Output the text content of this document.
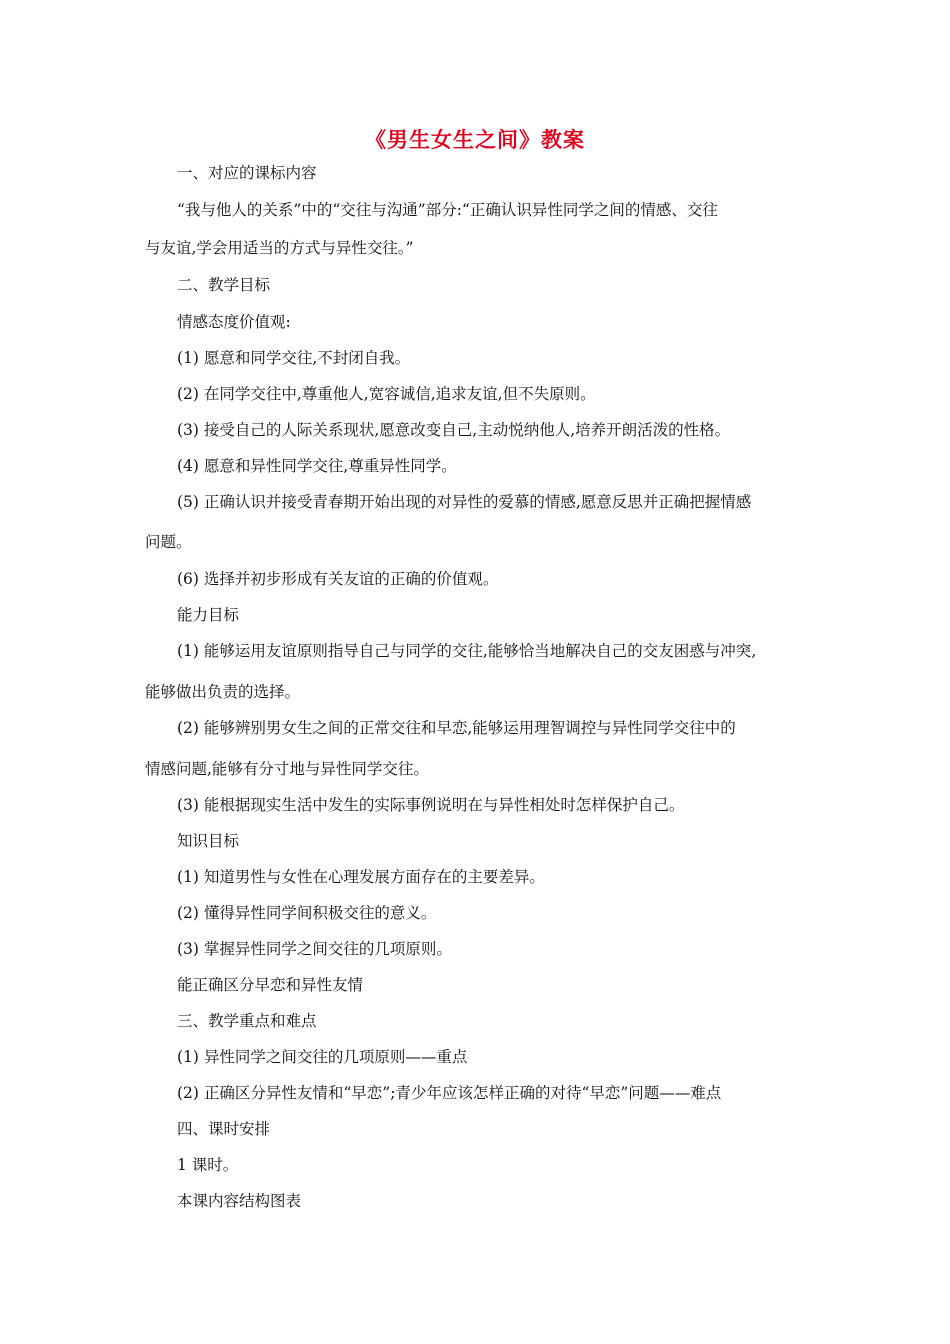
《男生女生之间》教案
一、对应的课标内容
“我与他人的关系”中的“交往与沟通”部分:“正确认识异性同学之间的情感、交往
与友谊,学会用适当的方式与异性交往。”
二、教学目标
情感态度价值观:
(1) 愿意和同学交往,不封闭自我。
(2) 在同学交往中,尊重他人,宽容诚信,追求友谊,但不失原则。
(3) 接受自己的人际关系现状,愿意改变自己,主动悦纳他人,培养开朗活泼的性格。
(4) 愿意和异性同学交往,尊重异性同学。
(5) 正确认识并接受青春期开始出现的对异性的爱慕的情感,愿意反思并正确把握情感
问题。
(6) 选择并初步形成有关友谊的正确的价值观。
能力目标
(1) 能够运用友谊原则指导自己与同学的交往,能够恰当地解决自己的交友困惑与冲突,
能够做出负责的选择。
(2) 能够辨别男女生之间的正常交往和早恋,能够运用理智调控与异性同学交往中的
情感问题,能够有分寸地与异性同学交往。
(3) 能根据现实生活中发生的实际事例说明在与异性相处时怎样保护自己。
知识目标
(1) 知道男性与女性在心理发展方面存在的主要差异。
(2) 懂得异性同学间积极交往的意义。
(3) 掌握异性同学之间交往的几项原则。
能正确区分早恋和异性友情
三、教学重点和难点
(1) 异性同学之间交往的几项原则——重点
(2) 正确区分异性友情和“早恋”;青少年应该怎样正确的对待“早恋”问题——难点
四、课时安排
1 课时。
本课内容结构图表
